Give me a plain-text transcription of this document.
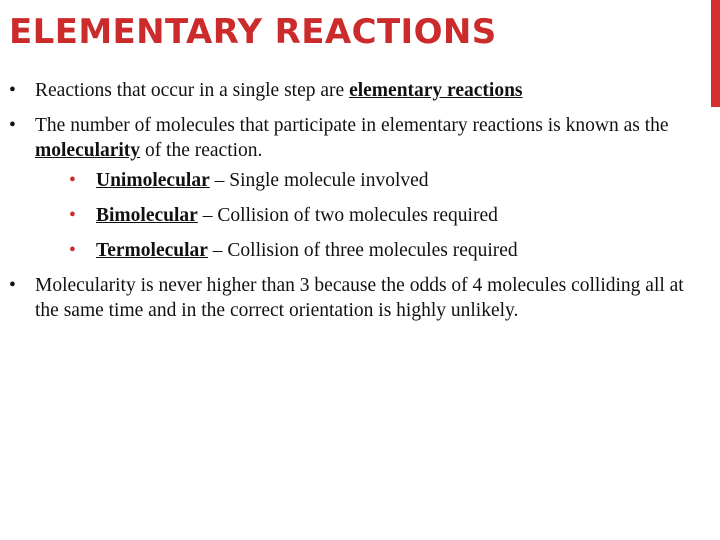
ELEMENTARY REACTIONS
• Reactions that occur in a single step are elementary reactions
• The number of molecules that participate in elementary reactions is known as the molecularity of the reaction.
• Unimolecular – Single molecule involved
• Bimolecular – Collision of two molecules required
• Termolecular – Collision of three molecules required
• Molecularity is never higher than 3 because the odds of 4 molecules colliding all at the same time and in the correct orientation is highly unlikely.
